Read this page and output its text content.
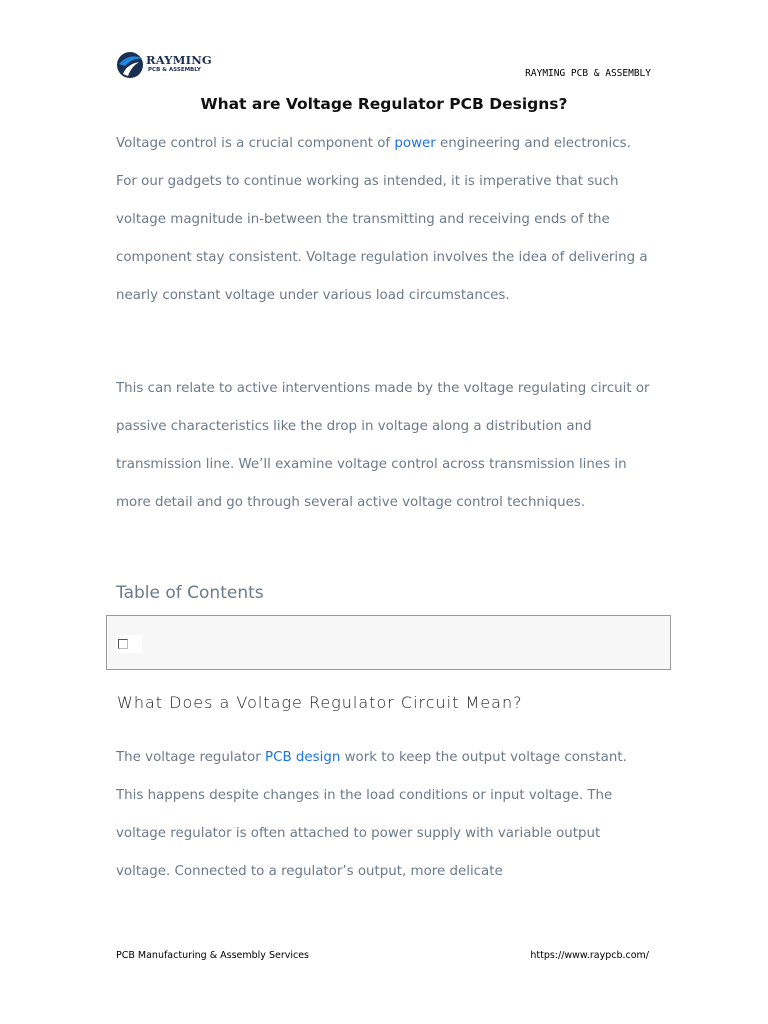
RAYMING
PCB & ASSEMBLY	RAYMING PCB & ASSEMBLY
What are Voltage Regulator PCB Designs?

Voltage control is a crucial component of power engineering and electronics. For our gadgets to continue working as intended, it is imperative that such voltage magnitude in-between the transmitting and receiving ends of the component stay consistent. Voltage regulation involves the idea of delivering a nearly constant voltage under various load circumstances.

This can relate to active interventions made by the voltage regulating circuit or passive characteristics like the drop in voltage along a distribution and transmission line. We’ll examine voltage control across transmission lines in more detail and go through several active voltage control techniques.

Table of Contents
What Does a Voltage Regulator Circuit Mean?

The voltage regulator PCB design work to keep the output voltage constant. This happens despite changes in the load conditions or input voltage. The voltage regulator is often attached to power supply with variable output voltage. Connected to a regulator’s output, more delicate

PCB Manufacturing & Assembly Services	https://www.raypcb.com/
